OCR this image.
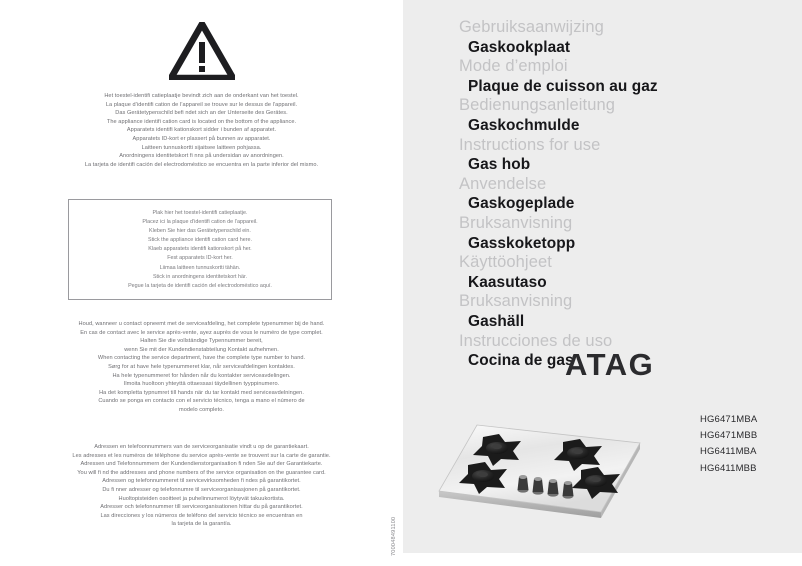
Het toestel-identifi catieplaatje bevindt zich aan de onderkant van het toestel.
La plaque d’identifi cation de l’appareil se trouve sur le dessus de l’appareil.
Das Gerätetypenschild befi ndet sich an der Unterseite des Gerätes.
The appliance identifi cation card is located on the bottom of the appliance.
Apparatets identifi kationskort sidder i bunden af apparatet.
Apparatets ID-kort er plassert på bunnen av apparatet.
Laitteen tunnuskortti sijaitsee laitteen pohjassa.
Anordningens identitetskort fi nns på undersidan av anordningen.
La tarjeta de identifi cación del electrodoméstico se encuentra en la parte inferior del mismo.
Plak hier het toestel-identifi catieplaatje.
Placez ici la plaque d’identifi cation de l’appareil.
Kleben Sie hier das Gerätetypenschild ein.
Stick the appliance identifi cation card here.
Klaeb apparatets identifi kationskort på her.
Fest apparatets ID-kort her.
Liimaa laitteen tunnuskortti tähän.
Stick in anordningens identitetskort här.
Pegue la tarjeta de identifi cación del electrodoméstico aquí.
Houd, wanneer u contact opneemt met de serviceafdeling, het complete typenummer bij de hand.
En cas de contact avec le service après-vente, ayez auprès de vous le numéro de type complet.
Halten Sie die vollständige Typennummer bereit,
wenn Sie mit der Kundendienstabteilung Kontakt aufnehmen.
When contacting the service department, have the complete type number to hand.
Sørg for at have hele typenummeret klar, når serviceafdelingen kontaktes.
Ha hele typenummeret for hånden når du kontakter serviceavdelingen.
Ilmoita huoltoon yhteyttä ottaessasi täydellinen tyyppinumero.
Ha det kompletta typnumret till hands när du tar kontakt med serviceavdelningen.
Cuando se ponga en contacto con el servicio técnico, tenga a mano el número de
modelo completo.
Adressen en telefoonnummers van de serviceorganisatie vindt u op de garantiekaart.
Les adresses et les numéros de téléphone du service après-vente se trouvent sur la carte de garantie.
Adressen und Telefonnummern der Kundendienstorganisation fi nden Sie auf der Garantiekarte.
You will fi nd the addresses and phone numbers of the service organisation on the guarantee card.
Adressen og telefonnummeret til servicevirksomheden fi ndes på garantikortet.
Du fi nner adresser og telefonnumre til serviceorganisasjonen på garantikortet.
Huoltopisteiden osoitteet ja puhelinnumerot löytyvät takuukortista.
Adresser och telefonnummer till serviceorganisationen hittar du på garantikortet.
Las direcciones y los números de teléfono del servicio técnico se encuentran en
la tarjeta de la garantía.	700048491100
Gebruiksaanwijzing
Gaskookplaat
Mode d’emploi
Plaque de cuisson au gaz
Bedienungsanleitung
Gaskochmulde
Instructions for use
Gas hob
Anvendelse
Gaskogeplade
Bruksanvisning
Gasskoketopp
Käyttöohjeet
Kaasutaso
Bruksanvisning
Gashäll
Instrucciones de uso
Cocina de gas
ATAG
HG6471MBA
HG6471MBB
HG6411MBA
HG6411MBB
